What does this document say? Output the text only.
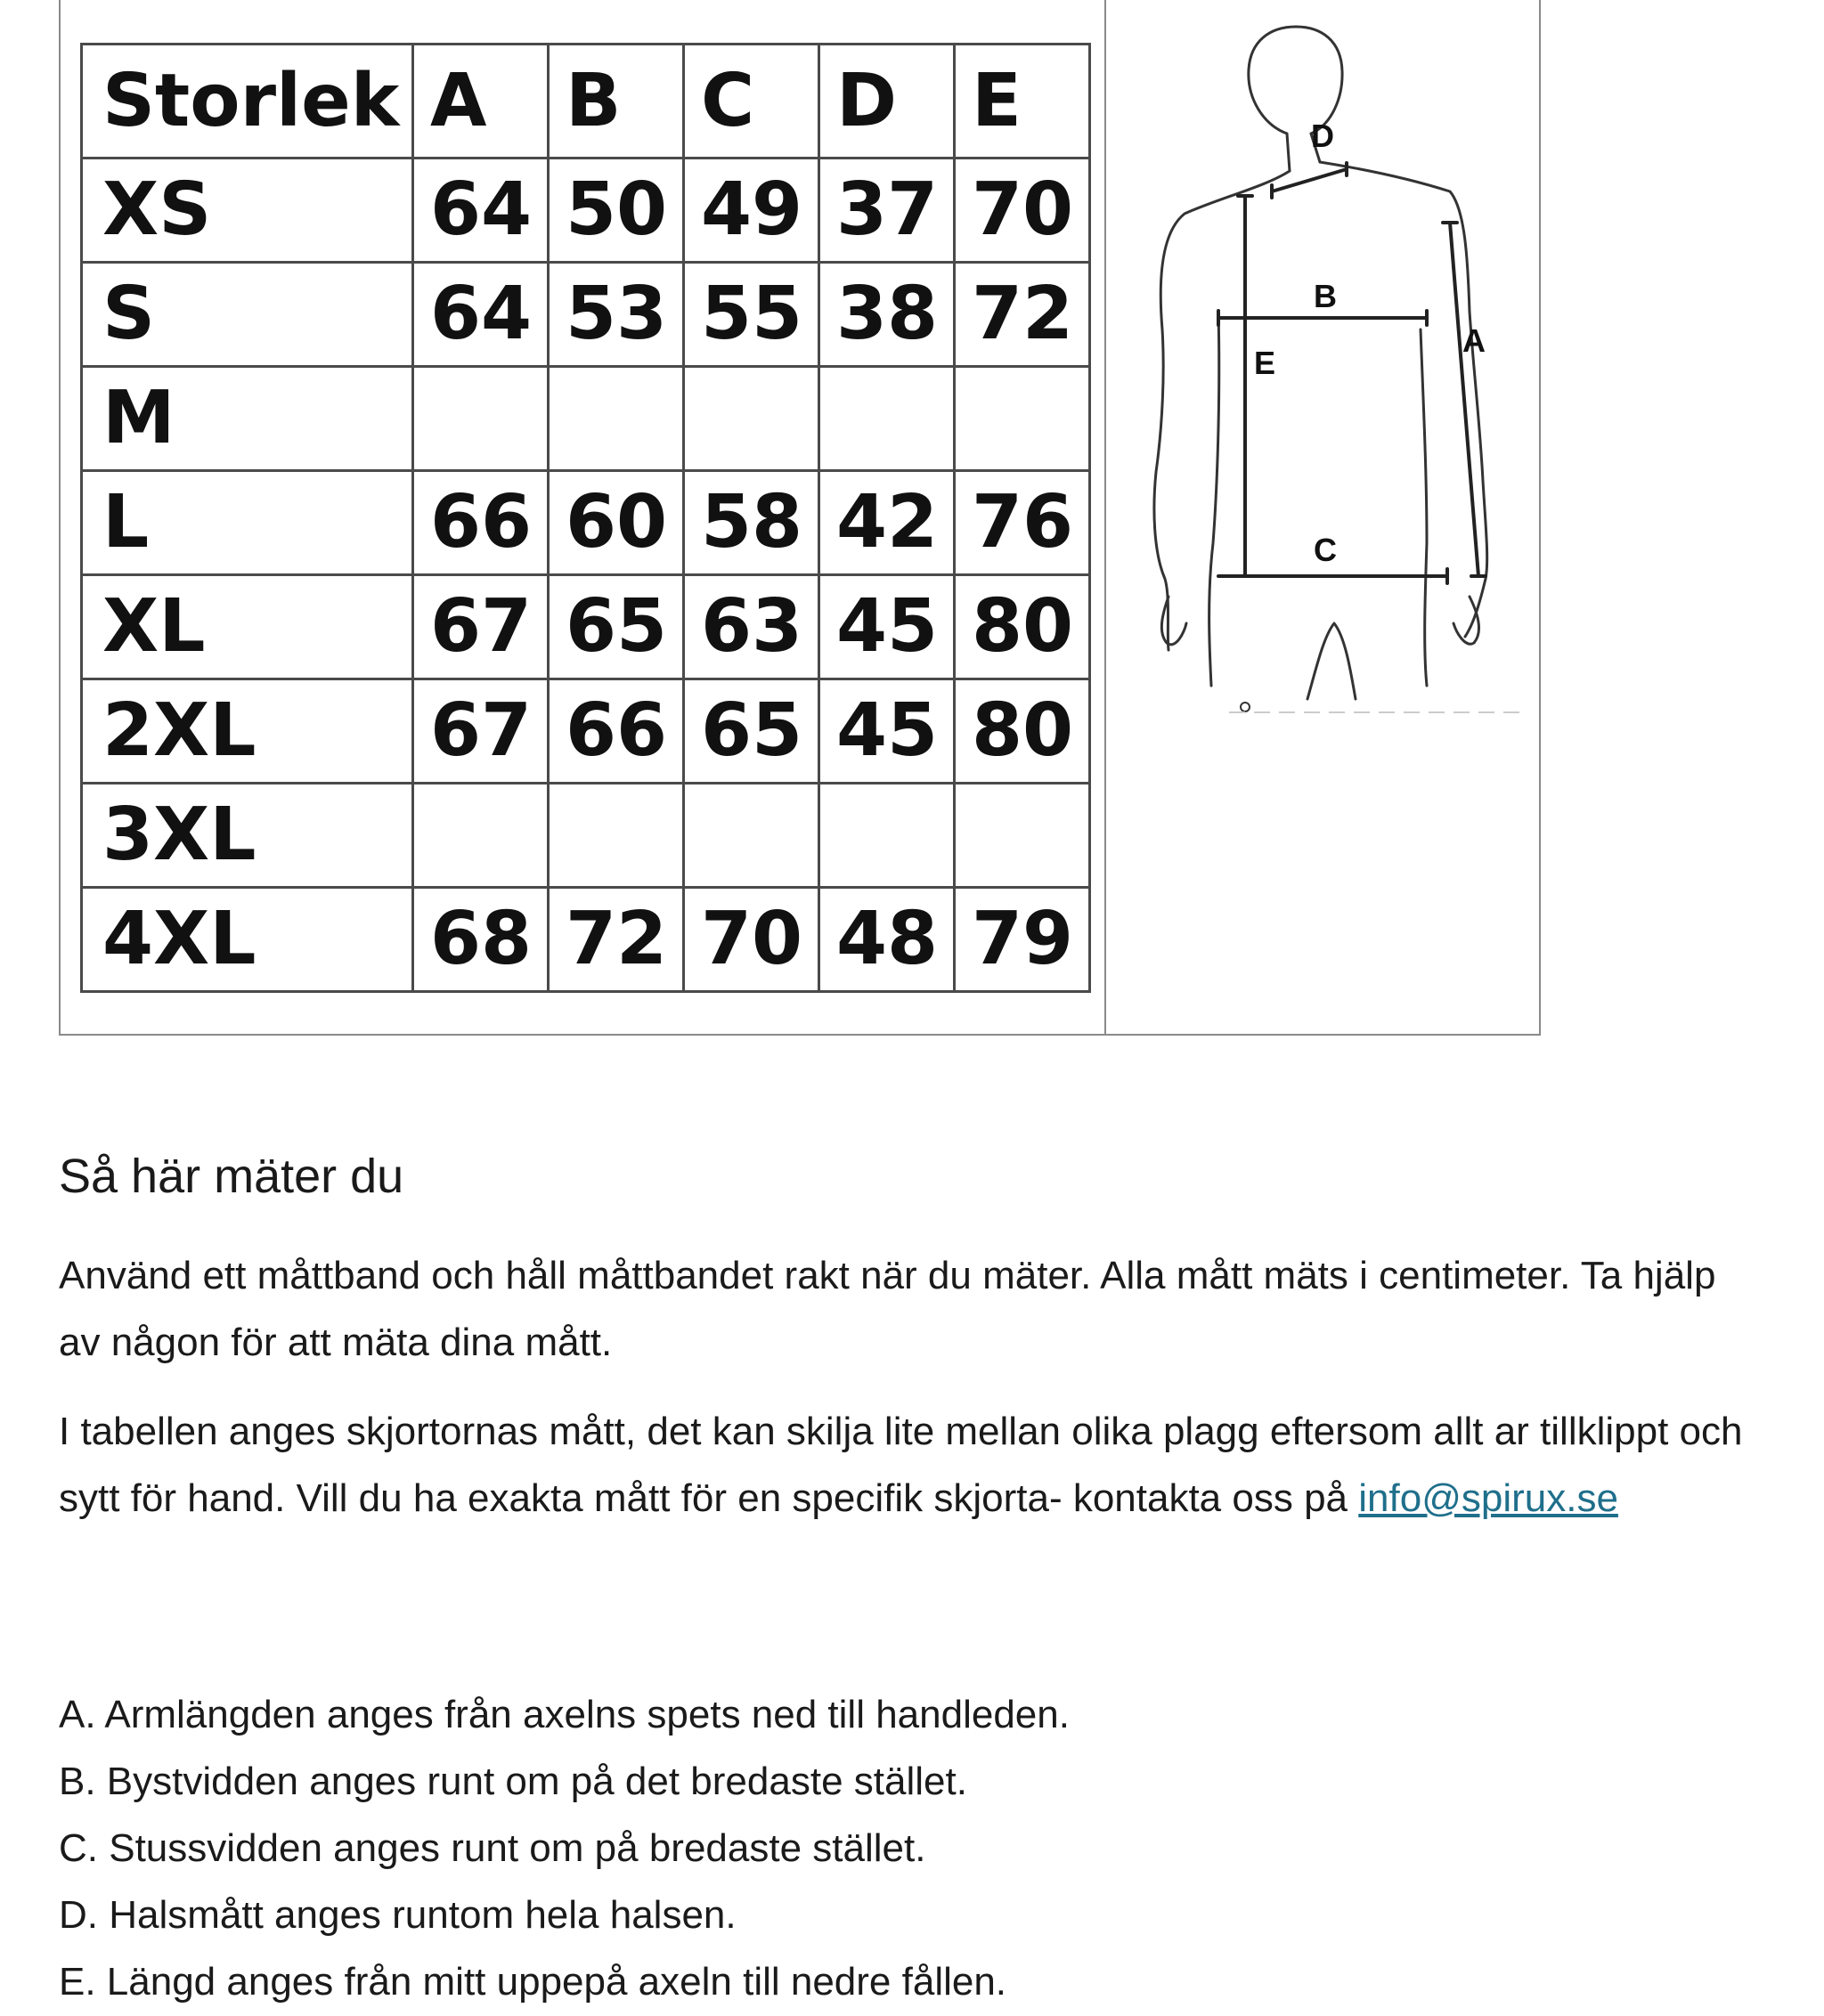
Storlek	A	B	C	D	E
XS	64	50	49	37	70
S	64	53	55	38	72
M					
L	66	60	58	42	76
XL	67	65	63	45	80
2XL	67	66	65	45	80
3XL					
4XL	68	72	70	48	79
D
E
B
C
A
Så här mäter du

Använd ett måttband och håll måttbandet rakt när du mäter. Alla mått mäts i centimeter. Ta hjälp av någon för att mäta dina mått.

I tabellen anges skjortornas mått, det kan skilja lite mellan olika plagg eftersom allt ar tillklippt och sytt för hand. Vill du ha exakta mått för en specifik skjorta- kontakta oss på info@spirux.se

A. Armlängden anges från axelns spets ned till handleden.
B. Bystvidden anges runt om på det bredaste stället.
C. Stussvidden anges runt om på bredaste stället.
D. Halsmått anges runtom hela halsen.
E. Längd anges från mitt uppepå axeln till nedre fållen.
